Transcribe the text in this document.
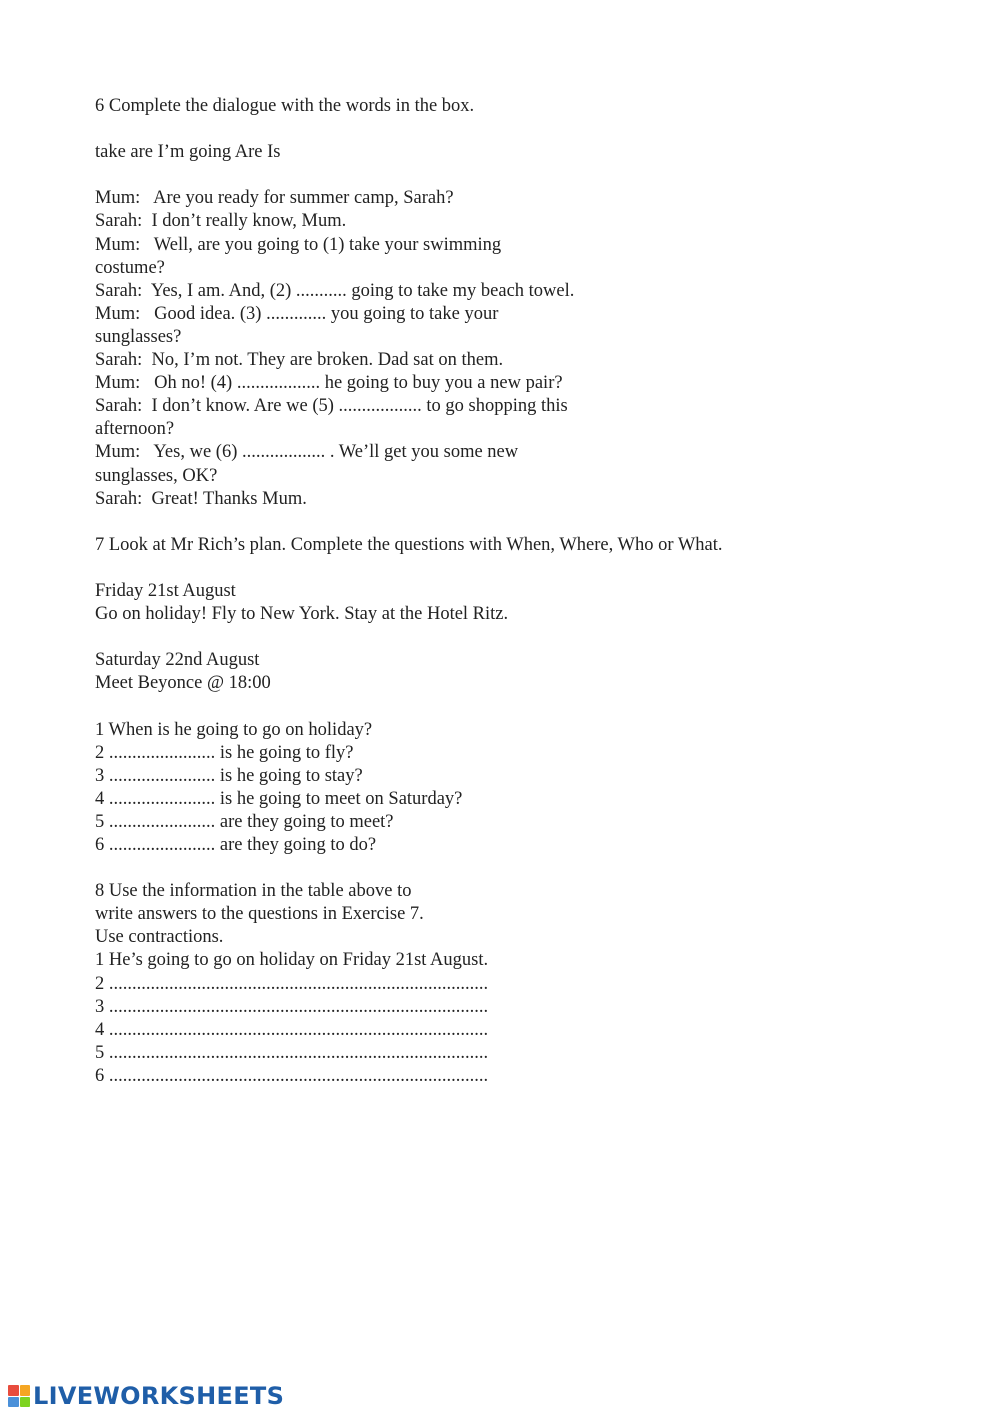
6 Complete the dialogue with the words in the box.
take are I’m going Are Is
Mum:   Are you ready for summer camp, Sarah?
Sarah:  I don’t really know, Mum.
Mum:   Well, are you going to (1) take your swimming costume?
Sarah:  Yes, I am. And, (2) ........... going to take my beach towel.
Mum:   Good idea. (3) ............. you going to take your sunglasses?
Sarah:  No, I’m not. They are broken. Dad sat on them.
Mum:   Oh no! (4) .................. he going to buy you a new pair?
Sarah:  I don’t know. Are we (5) .................. to go shopping this afternoon?
Mum:   Yes, we (6) .................. . We’ll get you some new sunglasses, OK?
Sarah:  Great! Thanks Mum.
7 Look at Mr Rich’s plan. Complete the questions with When, Where, Who or What.
Friday 21st August
Go on holiday! Fly to New York. Stay at the Hotel Ritz.
Saturday 22nd August
Meet Beyonce @ 18:00
1 When is he going to go on holiday?
2 ....................... is he going to fly?
3 ....................... is he going to stay?
4 ....................... is he going to meet on Saturday?
5 ....................... are they going to meet?
6 ....................... are they going to do?
8 Use the information in the table above to
write answers to the questions in Exercise 7.
Use contractions.
1 He’s going to go on holiday on Friday 21st August.
2 ..................................................................................
3 ..................................................................................
4 ..................................................................................
5 ..................................................................................
6 ..................................................................................
LIVEWORKSHEETS
